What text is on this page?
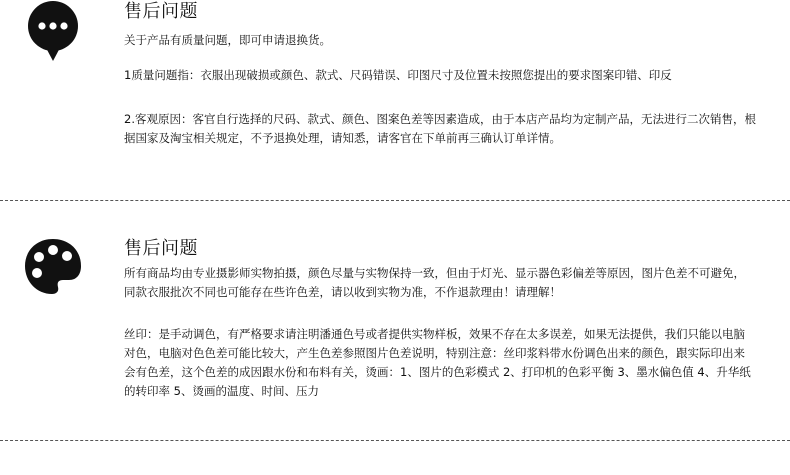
售后问题

关于产品有质量问题，即可申请退换货。

1质量问题指：衣服出现破损或颜色、款式、尺码错误、印图尺寸及位置未按照您提出的要求图案印错、印反

2.客观原因：客官自行选择的尺码、款式、颜色、图案色差等因素造成，由于本店产品均为定制产品，无法进行二次销售，根据国家及淘宝相关规定，不予退换处理，请知悉，请客官在下单前再三确认订单详情。

售后问题

所有商品均由专业摄影师实物拍摄，颜色尽量与实物保持一致，但由于灯光、显示器色彩偏差等原因，图片色差不可避免，同款衣服批次不同也可能存在些许色差，请以收到实物为准，不作退款理由！请理解！

丝印：是手动调色，有严格要求请注明潘通色号或者提供实物样板，效果不存在太多误差，如果无法提供，我们只能以电脑对色，电脑对色色差可能比较大，产生色差参照图片色差说明，特别注意：丝印浆料带水份调色出来的颜色，跟实际印出来会有色差，这个色差的成因跟水份和布料有关，烫画：1、图片的色彩模式 2、打印机的色彩平衡 3、墨水偏色值 4、升华纸的转印率 5、烫画的温度、时间、压力
